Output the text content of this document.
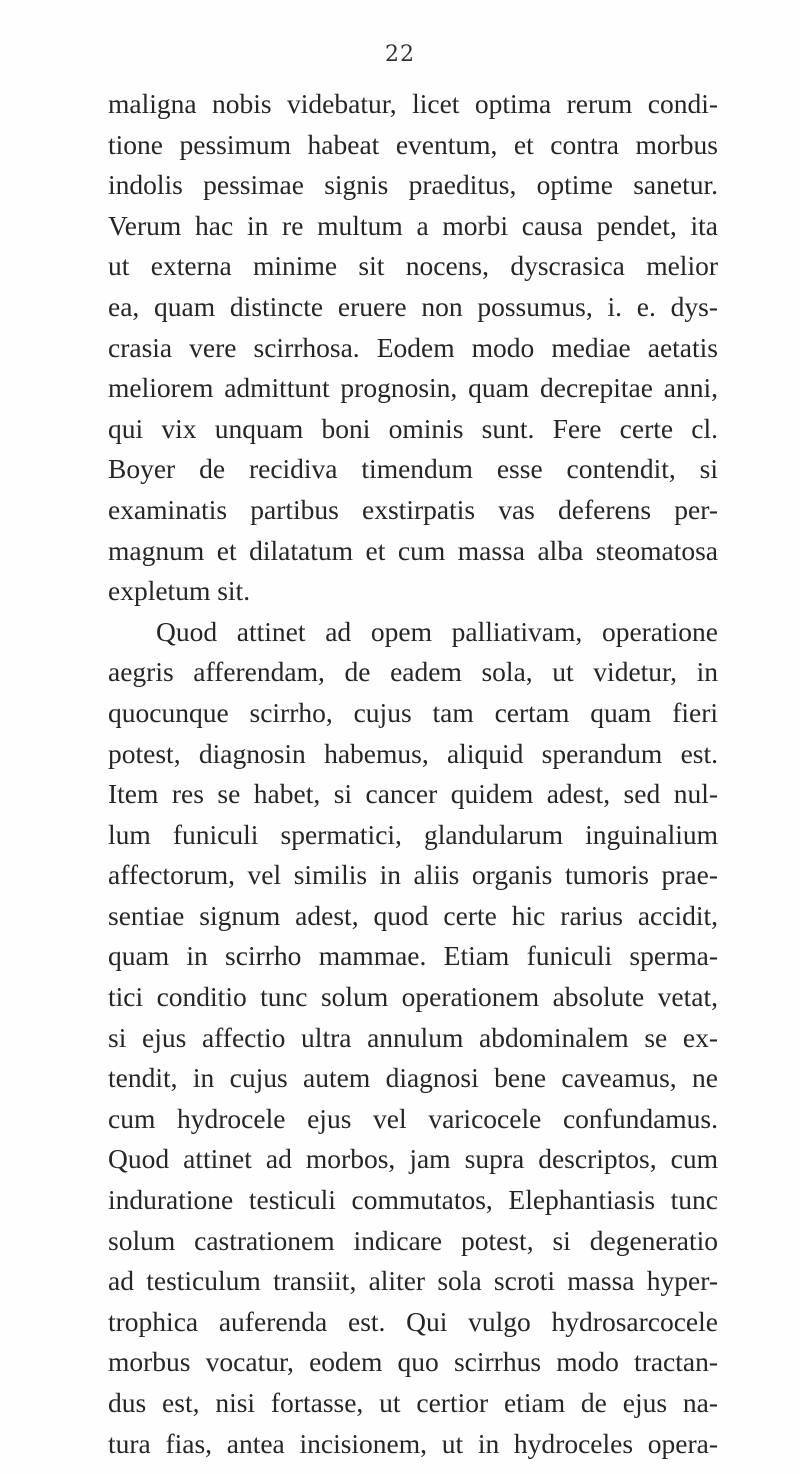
22
maligna nobis videbatur, licet optima rerum condi-
tione pessimum habeat eventum, et contra morbus
indolis pessimae signis praeditus, optime sanetur.
Verum hac in re multum a morbi causa pendet, ita
ut externa minime sit nocens, dyscrasica melior
ea, quam distincte eruere non possumus, i. e. dys-
crasia vere scirrhosa. Eodem modo mediae aetatis
meliorem admittunt prognosin, quam decrepitae anni,
qui vix unquam boni ominis sunt. Fere certe cl.
Boyer de recidiva timendum esse contendit, si
examinatis partibus exstirpatis vas deferens per-
magnum et dilatatum et cum massa alba steomatosa
expletum sit.
Quod attinet ad opem palliativam, operatione
aegris afferendam, de eadem sola, ut videtur, in
quocunque scirrho, cujus tam certam quam fieri
potest, diagnosin habemus, aliquid sperandum est.
Item res se habet, si cancer quidem adest, sed nul-
lum funiculi spermatici, glandularum inguinalium
affectorum, vel similis in aliis organis tumoris prae-
sentiae signum adest, quod certe hic rarius accidit,
quam in scirrho mammae. Etiam funiculi sperma-
tici conditio tunc solum operationem absolute vetat,
si ejus affectio ultra annulum abdominalem se ex-
tendit, in cujus autem diagnosi bene caveamus, ne
cum hydrocele ejus vel varicocele confundamus.
Quod attinet ad morbos, jam supra descriptos, cum
induratione testiculi commutatos, Elephantiasis tunc
solum castrationem indicare potest, si degeneratio
ad testiculum transiit, aliter sola scroti massa hyper-
trophica auferenda est. Qui vulgo hydrosarcocele
morbus vocatur, eodem quo scirrhus modo tractan-
dus est, nisi fortasse, ut certior etiam de ejus na-
tura fias, antea incisionem, ut in hydroceles opera-
